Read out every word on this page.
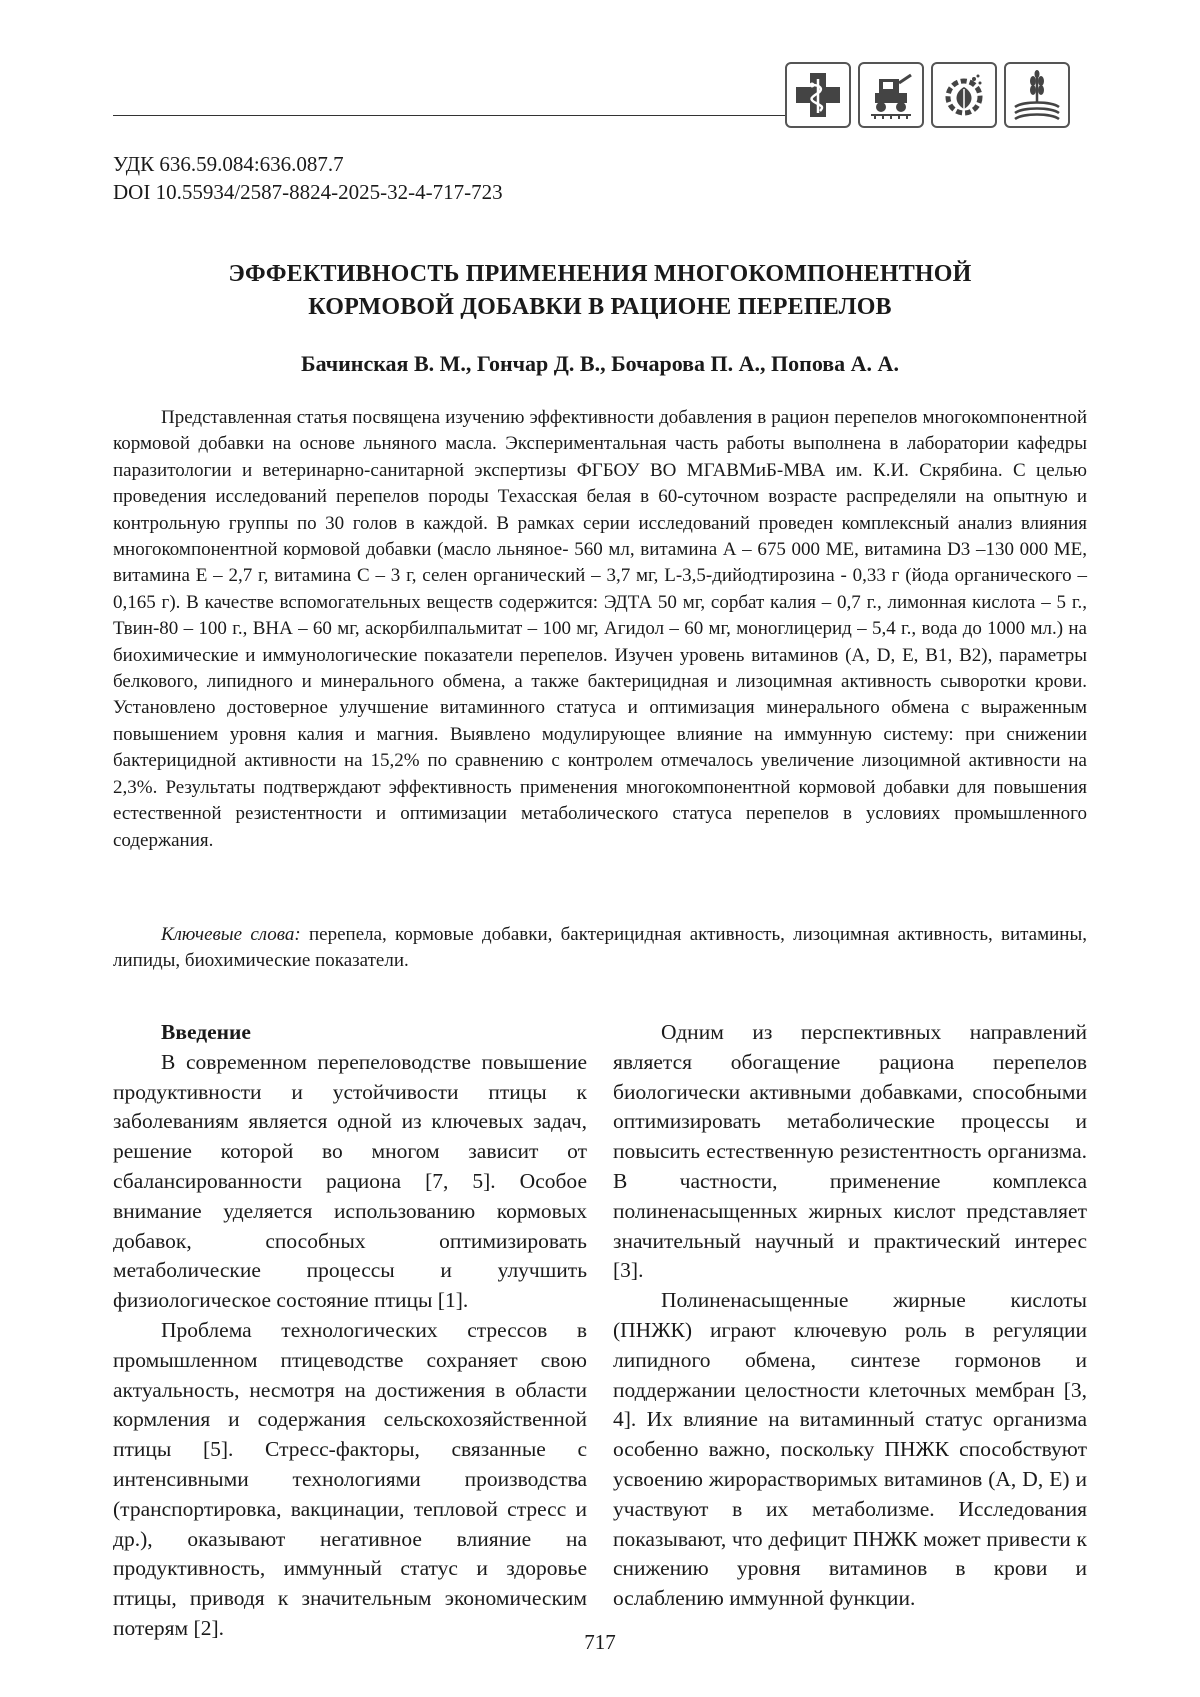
УДК 636.59.084:636.087.7
DOI 10.55934/2587-8824-2025-32-4-717-723
ЭФФЕКТИВНОСТЬ ПРИМЕНЕНИЯ МНОГОКОМПОНЕНТНОЙ
КОРМОВОЙ ДОБАВКИ В РАЦИОНЕ ПЕРЕПЕЛОВ
Бачинская В. М., Гончар Д. В., Бочарова П. А., Попова А. А.

Представленная статья посвящена изучению эффективности добавления в рацион перепелов многокомпонентной кормовой добавки на основе льняного масла. Экспериментальная часть работы выполнена в лаборатории кафедры паразитологии и ветеринарно-санитарной экспертизы ФГБОУ ВО МГАВМиБ-МВА им. К.И. Скрябина. С целью проведения исследований перепелов породы Техасская белая в 60-суточном возрасте распределяли на опытную и контрольную группы по 30 голов в каждой. В рамках серии исследований проведен комплексный анализ влияния многокомпонентной кормовой добавки (масло льняное- 560 мл, витамина А – 675 000 МЕ, витамина D3 –130 000 МЕ, витамина Е – 2,7 г, витамина С – 3 г, селен органический – 3,7 мг, L-3,5-дийодтирозина - 0,33 г (йода органического – 0,165 г). В качестве вспомогательных веществ содержится: ЭДТА 50 мг, сорбат калия – 0,7 г., лимонная кислота – 5 г., Твин-80 – 100 г., ВНА – 60 мг, аскорбилпальмитат – 100 мг, Агидол – 60 мг, моноглицерид – 5,4 г., вода до 1000 мл.) на биохимические и иммунологические показатели перепелов. Изучен уровень витаминов (A, D, E, B1, B2), параметры белкового, липидного и минерального обмена, а также бактерицидная и лизоцимная активность сыворотки крови. Установлено достоверное улучшение витаминного статуса и оптимизация минерального обмена с выраженным повышением уровня калия и магния. Выявлено модулирующее влияние на иммунную систему: при снижении бактерицидной активности на 15,2% по сравнению с контролем отмечалось увеличение лизоцимной активности на 2,3%. Результаты подтверждают эффективность применения многокомпонентной кормовой добавки для повышения естественной резистентности и оптимизации метаболического статуса перепелов в условиях промышленного содержания.

Ключевые слова: перепела, кормовые добавки, бактерицидная активность, лизоцимная активность, витамины, липиды, биохимические показатели.

Введение

В современном перепеловодстве повышение продуктивности и устойчивости птицы к заболеваниям является одной из ключевых задач, решение которой во многом зависит от сбалансированности рациона [7, 5]. Особое внимание уделяется использованию кормовых добавок, способных оптимизировать метаболические процессы и улучшить физиологическое состояние птицы [1].

Проблема технологических стрессов в промышленном птицеводстве сохраняет свою актуальность, несмотря на достижения в области кормления и содержания сельскохозяйственной птицы [5]. Стресс-факторы, связанные с интенсивными технологиями производства (транспортировка, вакцинации, тепловой стресс и др.), оказывают негативное влияние на продуктивность, иммунный статус и здоровье птицы, приводя к значительным экономическим потерям [2].

Одним из перспективных направлений является обогащение рациона перепелов биологически активными добавками, способными оптимизировать метаболические процессы и повысить естественную резистентность организма. В частности, применение комплекса полиненасыщенных жирных кислот представляет значительный научный и практический интерес [3].

Полиненасыщенные жирные кислоты (ПНЖК) играют ключевую роль в регуляции липидного обмена, синтезе гормонов и поддержании целостности клеточных мембран [3, 4]. Их влияние на витаминный статус организма особенно важно, поскольку ПНЖК способствуют усвоению жирорастворимых витаминов (A, D, E) и участвуют в их метаболизме. Исследования показывают, что дефицит ПНЖК может привести к снижению уровня витаминов в крови и ослаблению иммунной функции.

717
